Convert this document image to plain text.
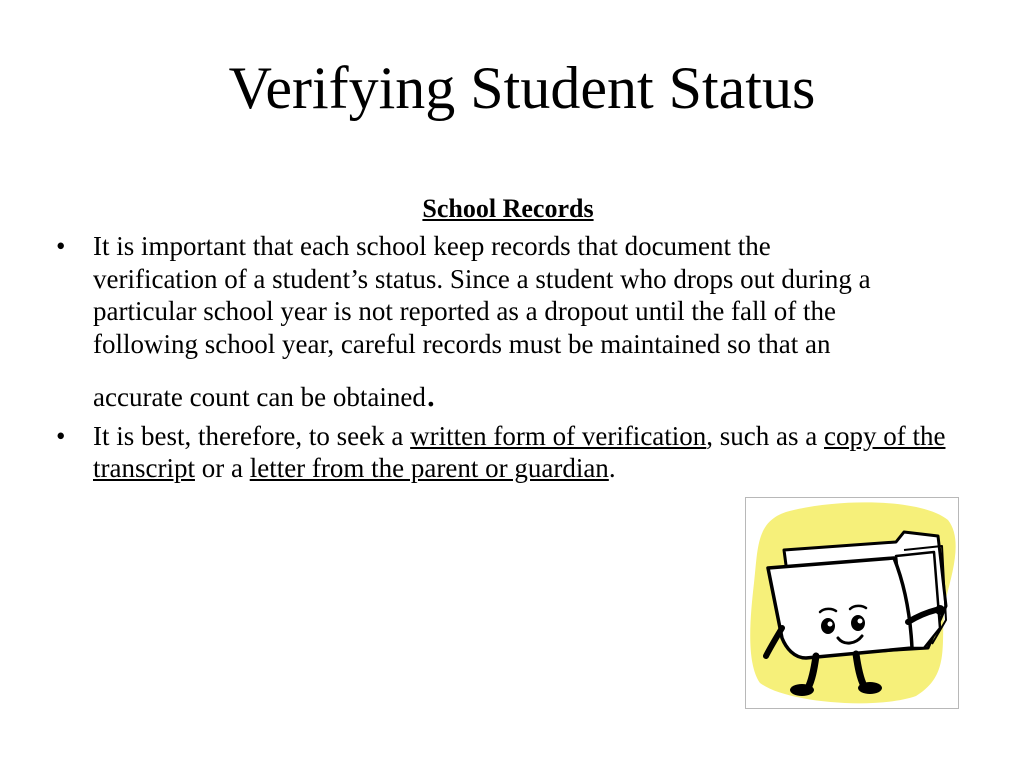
Verifying Student Status
School Records
•	It is important that each school keep records that document the
verification of a student’s status. Since a student who drops out during a
particular school year is not reported as a dropout until the fall of the
following school year, careful records must be maintained so that an
accurate count can be obtained.
•	It is best, therefore, to seek a written form of verification, such as a copy of the transcript or a letter from the parent or guardian.
